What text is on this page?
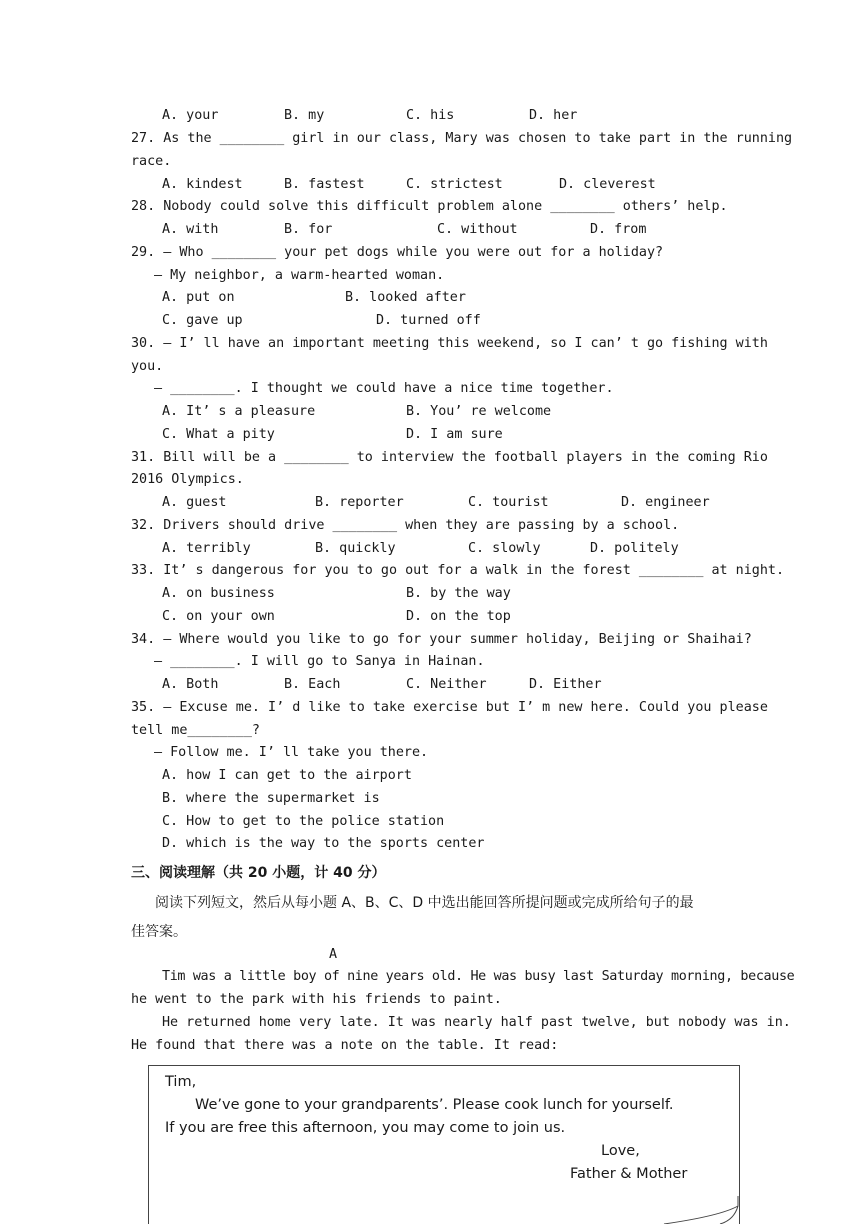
A. your	B. my	C. his	D. her
27. As the ________ girl in our class, Mary was chosen to take part in the running
race.
A. kindest	B. fastest	C. strictest	D. cleverest
28. Nobody could solve this difficult problem alone ________ others’ help.
A. with	B. for	C. without	D. from
29. — Who ________ your pet dogs while you were out for a holiday?
— My neighbor, a warm-hearted woman.
A. put on	B. looked after
C. gave up	D. turned off
30. — I’ ll have an important meeting this weekend, so I can’ t go fishing with
you.
— ________. I thought we could have a nice time together.
A. It’ s a pleasure	B. You’ re welcome
C. What a pity	D. I am sure
31. Bill will be a ________ to interview the football players in the coming Rio
2016 Olympics.
A. guest	B. reporter	C. tourist	D. engineer
32. Drivers should drive ________ when they are passing by a school.
A. terribly	B. quickly	C. slowly	D. politely
33. It’ s dangerous for you to go out for a walk in the forest ________ at night.
A. on business	B. by the way
C. on your own	D. on the top
34. — Where would you like to go for your summer holiday, Beijing or Shaihai?
— ________. I will go to Sanya in Hainan.
A. Both	B. Each	C. Neither	D. Either
35. — Excuse me. I’ d like to take exercise but I’ m new here. Could you please
tell me________?
— Follow me. I’ ll take you there.
A. how I can get to the airport
B. where the supermarket is
C. How to get to the police station
D. which is the way to the sports center
三、阅读理解（共 20 小题，计 40 分）
阅读下列短文，然后从每小题 A、B、C、D 中选出能回答所提问题或完成所给句子的最
佳答案。
A
Tim was a little boy of nine years old. He was busy last Saturday morning, because
he went to the park with his friends to paint.
He returned home very late. It was nearly half past twelve, but nobody was in.
He found that there was a note on the table. It read:
Tim,
We’ve gone to your grandparents’. Please cook lunch for yourself.
If you are free this afternoon, you may come to join us.
Love,
Father & Mother
